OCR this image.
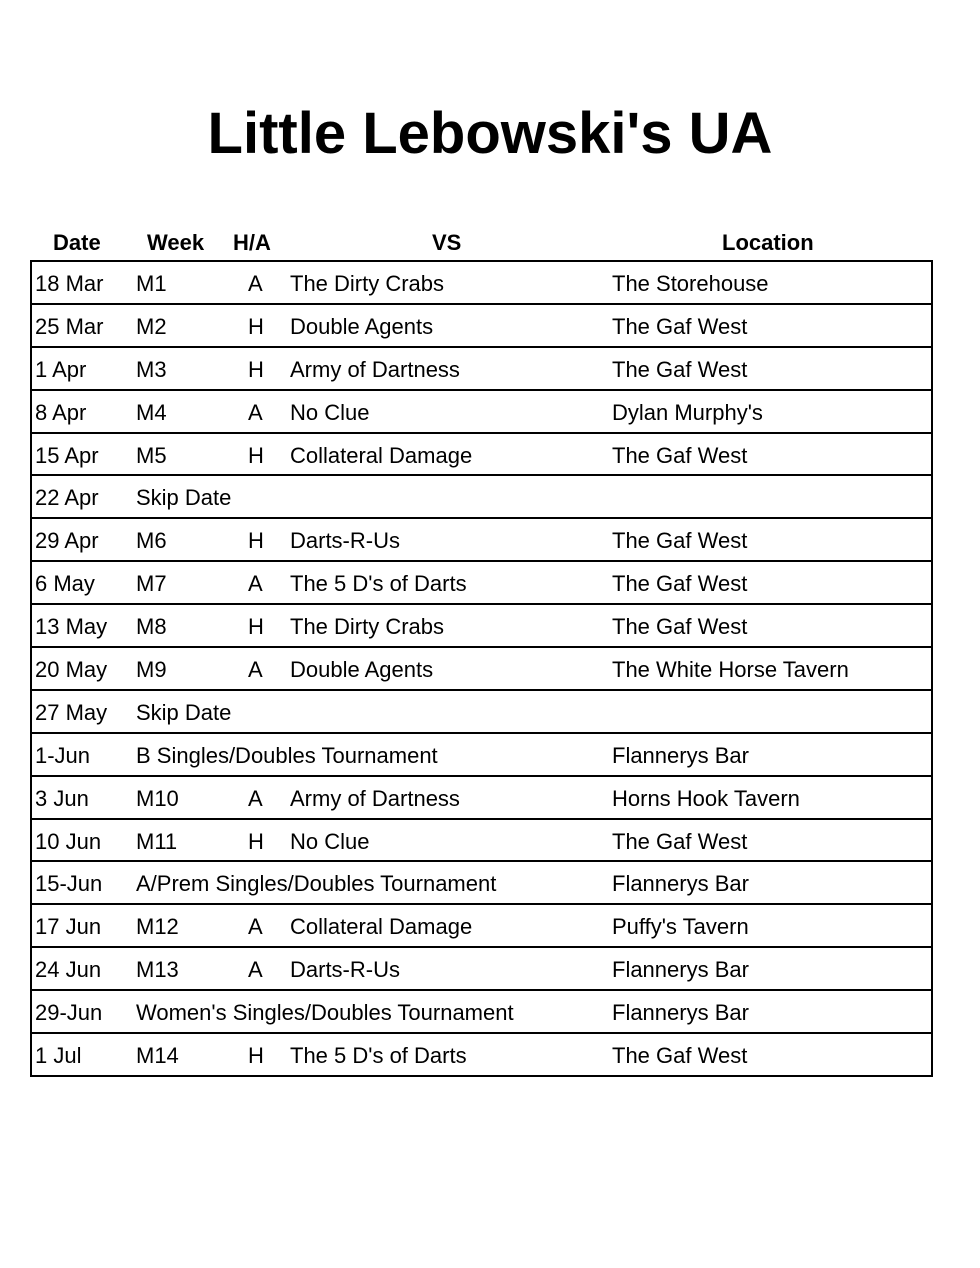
Little Lebowski's UA
Date Week H/A	VS	Location
18 Mar M1	A The Dirty Crabs	The Storehouse
25 Mar M2	H Double Agents	The Gaf West
1 Apr M3	H Army of Dartness	The Gaf West
8 Apr M4	A No Clue	Dylan Murphy's
15 Apr M5	H Collateral Damage	The Gaf West
22 Apr Skip Date
29 Apr M6	H Darts-R-Us	The Gaf West
6 May M7	A The 5 D's of Darts	The Gaf West
13 May M8	H The Dirty Crabs	The Gaf West
20 May M9	A Double Agents	The White Horse Tavern
27 May Skip Date
1-Jun B Singles/Doubles Tournament	Flannerys Bar
3 Jun M10	A Army of Dartness	Horns Hook Tavern
10 Jun M11	H No Clue	The Gaf West
15-Jun A/Prem Singles/Doubles Tournament	Flannerys Bar
17 Jun M12	A Collateral Damage	Puffy's Tavern
24 Jun M13	A Darts-R-Us	Flannerys Bar
29-Jun Women's Singles/Doubles Tournament	Flannerys Bar
1 Jul M14	H The 5 D's of Darts	The Gaf West
